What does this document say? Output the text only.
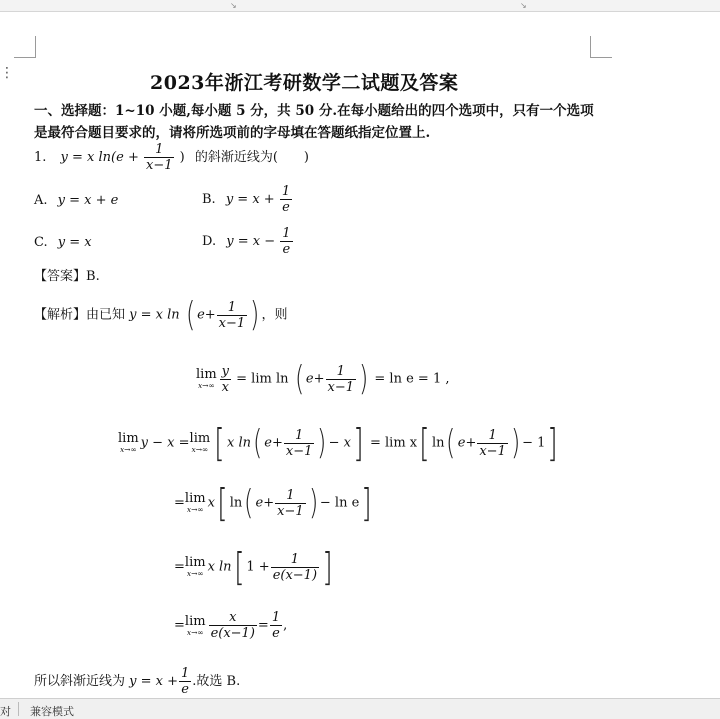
↘	↘
⋮	2023年浙江考研数学二试题及答案
一、选择题：1~10 小题,每小题 5 分，共 50 分.在每小题给出的四个选项中，只有一个选项
是最符合题目要求的，请将所选项前的字母填在答题纸指定位置上.
1. y = x $\ln(e + \frac{1}{x-1}$ ) 的斜渐近线为(　　)
A. y = x + e	B. $y = x + \frac{1}{e}$
C. y = x	D. $y = x - \frac{1}{e}$
【答案】B.
【解析】由已知 y = x ln ( $e+ \frac{1}{x-1}$ ) ，则
lim
$x\to\infty \frac{y}{x} = \lim \ln$ ( $e+ \frac{1}{x-1}$ ) = ln e = 1 ,
lim
x→∞ y − x = lim
x→∞ [ x ln( $e+ \frac{1}{x-1}$ ) − x] = lim x[ ln( $e+ \frac{1}{x-1}$ ) − 1]
= lim
x→∞ x[ ln( $e+ \frac{1}{x-1}$ ) − ln e]
= lim
x→∞ x ln[ $1 + \frac{1}{e(x-1)}$ ]
= lim
$x\to\infty \frac{x}{e(x-1)} = \frac{1}{e}$ ,
所以斜渐近线为 $y = x + \frac{1}{e}$ .故选 B.
对 兼容模式
